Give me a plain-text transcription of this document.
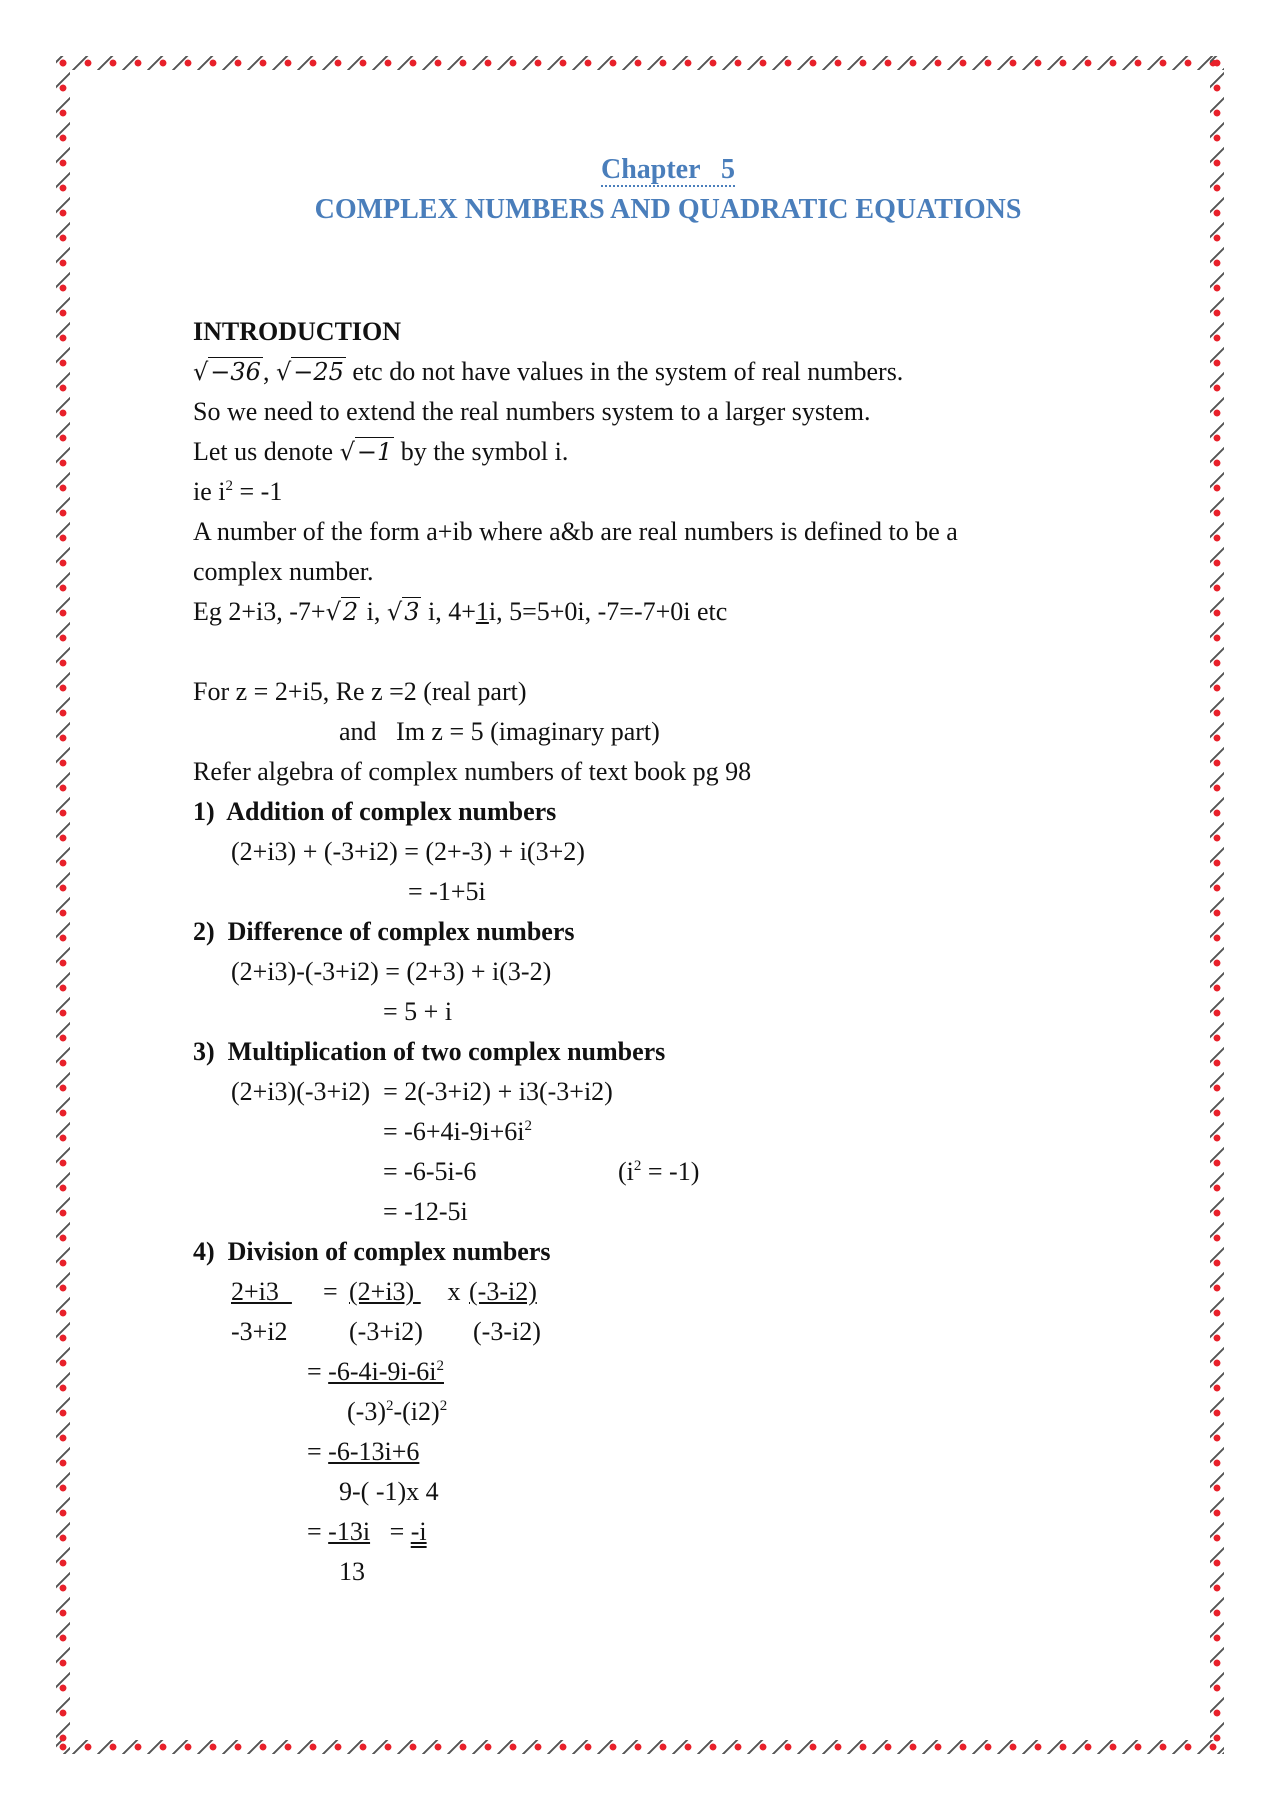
Chapter   5
COMPLEX NUMBERS AND QUADRATIC EQUATIONS
INTRODUCTION
√−36, √−25 etc do not have values in the system of real numbers.
So we need to extend the real numbers system to a larger system.
Let us denote √−1 by the symbol i.
ie $i^2 = -1$
A number of the form a+ib where a&b are real numbers is defined to be a
complex number.
Eg 2+i3, -7+√2 i, √3 i, 4+1i, 5=5+0i, -7=-7+0i etc
For z = 2+i5, Re z =2 (real part)
and   Im z = 5 (imaginary part)
Refer algebra of complex numbers of text book pg 98
1)  Addition of complex numbers
(2+i3) + (-3+i2) = (2+-3) + i(3+2)
= -1+5i
2)  Difference of complex numbers
(2+i3)-(-3+i2) = (2+3) + i(3-2)
= 5 + i
3)  Multiplication of two complex numbers
(2+i3)(-3+i2)  = 2(-3+i2) + i3(-3+i2)
= $-6+4i-9i+6i^2$
= -6-5i-6	$(i^2 = -1)$
= -12-5i
4)  Division of complex numbers
2+i3 = (2+i3) x (-3-i2)
-3+i2 (-3+i2) (-3-i2)
= $-6-4i-9i-6i^2$
$(-3)^2-(i2)^2$
= -6-13i+6
9-( -1)x 4
= -13i   = -i
13
